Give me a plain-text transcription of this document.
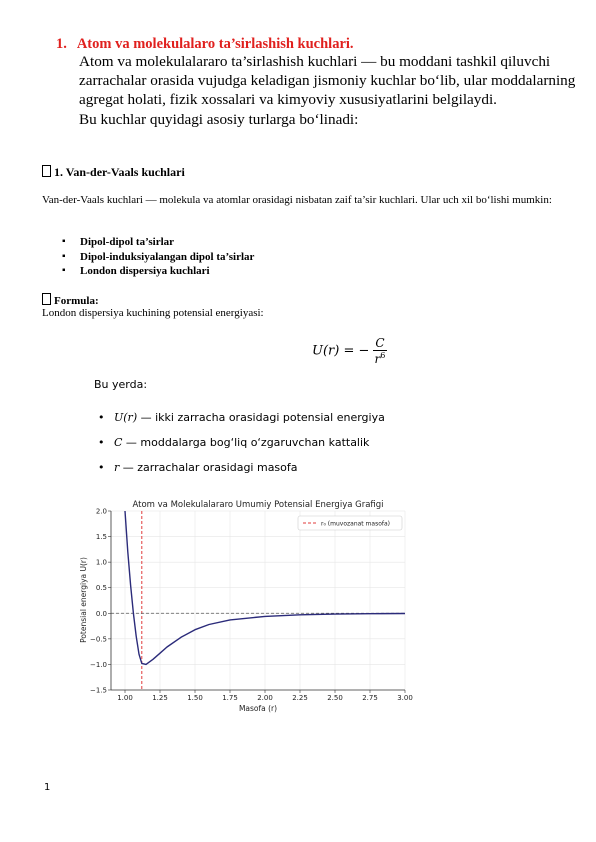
1. Atom va molekulalaro ta’sirlashish kuchlari.

Atom va molekulalararo ta’sirlashish kuchlari — bu moddani tashkil qiluvchi zarrachalar orasida vujudga keladigan jismoniy kuchlar bo‘lib, ular moddalarning agregat holati, fizik xossalari va kimyoviy xususiyatlarini belgilaydi.

Bu kuchlar quyidagi asosiy turlarga bo‘linadi:

1. Van-der-Vaals kuchlari
Van-der-Vaals kuchlari — molekula va atomlar orasidagi nisbatan zaif ta’sir kuchlari. Ular uch xil bo‘lishi mumkin:
▪ Dipol-dipol ta’sirlar
▪ Dipol-induksiyalangan dipol ta’sirlar
▪ London dispersiya kuchlari
Formula:
London dispersiya kuchining potensial energiyasi:
U(r) = − $\frac{C}{r^6}$
Bu yerda:
• U(r) — ikki zarracha orasidagi potensial energiya
• C — moddalarga bog‘liq o‘zgaruvchan kattalik
• r — zarrachalar orasidagi masofa
Atom va Molekulalararo Umumiy Potensial Energiya Grafigi
1.00	1.25	1.50	1.75	2.00	2.25	2.50	2.75	3.00
−1.5
−1.0
−0.5
0.0
0.5
1.0
1.5
2.0
r₀ (muvozanat masofa)
Masofa (r)
Potensial energiya U(r)
1
